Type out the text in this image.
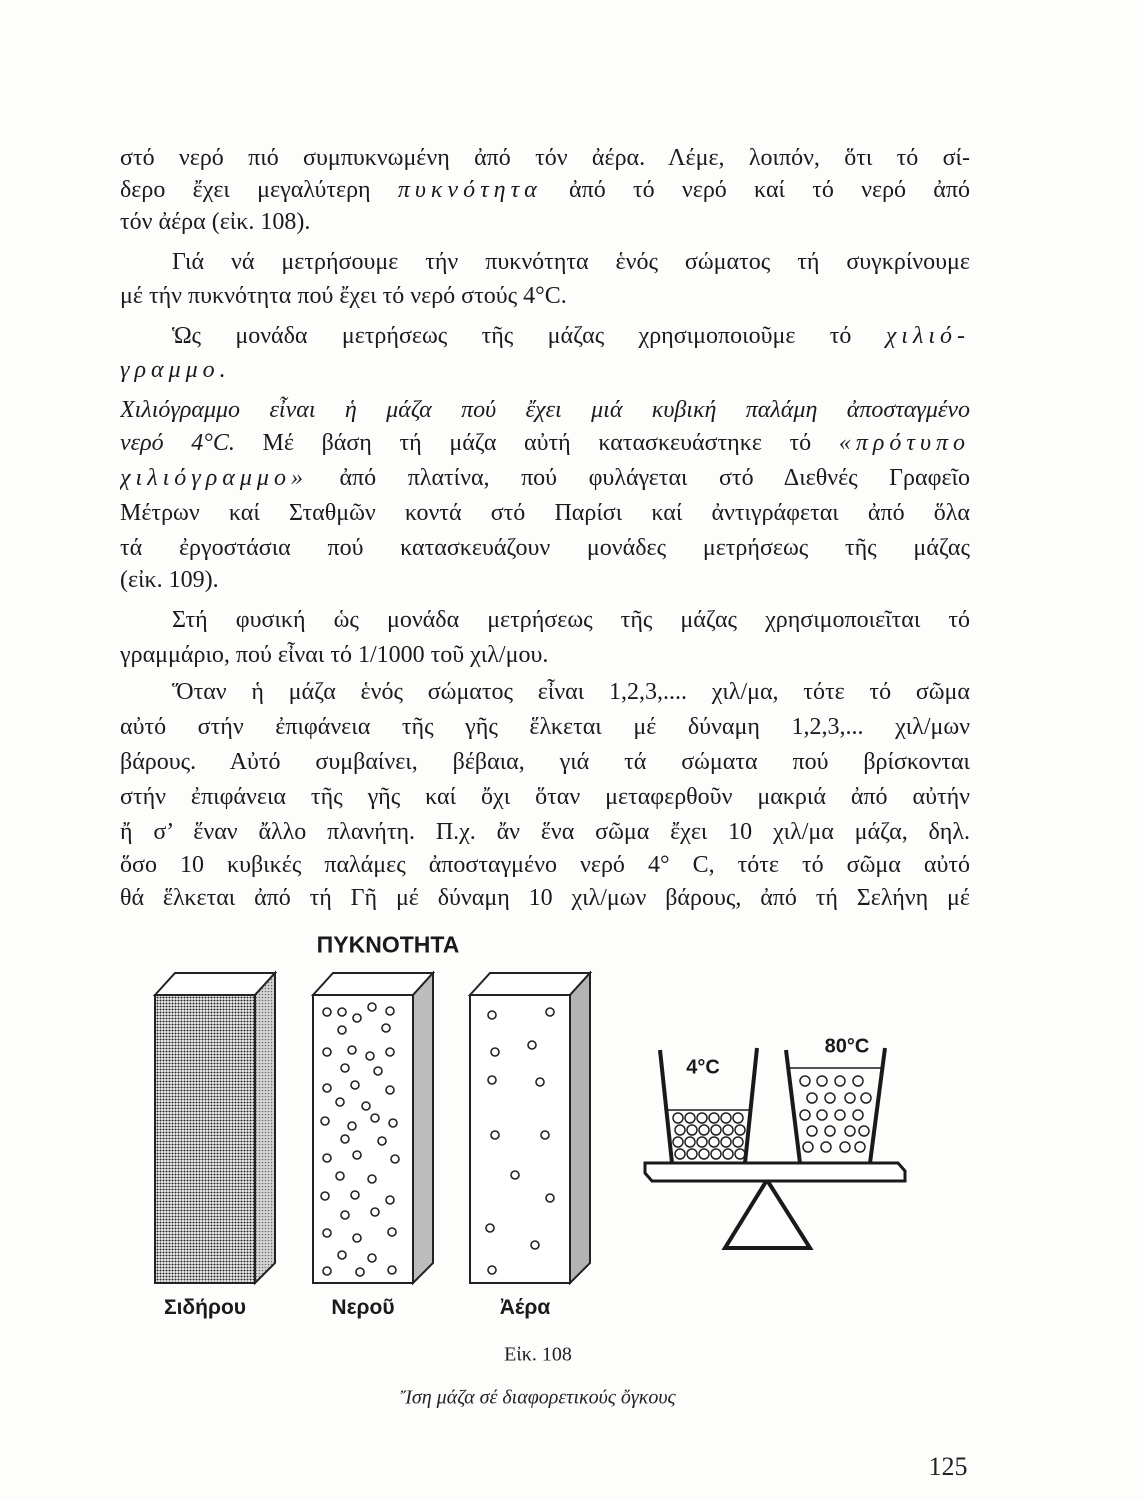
στό νερό πιό συμπυκνωμένη ἀπό τόν ἀέρα. Λέμε, λοιπόν, ὅτι τό σί-
δερο ἔχει μεγαλύτερη πυκνότητα ἀπό τό νερό καί τό νερό ἀπό
τόν ἀέρα (εἰκ. 108).
Γιά νά μετρήσουμε τήν πυκνότητα ἑνός σώματος τή συγκρίνουμε
μέ τήν πυκνότητα πού ἔχει τό νερό στούς 4°C.
Ὡς μονάδα μετρήσεως τῆς μάζας χρησιμοποιοῦμε τό χιλιό-
γραμμο.
Χιλιόγραμμο εἶναι ἡ μάζα πού ἔχει μιά κυβική παλάμη ἀποσταγμένο
νερό 4°C. Μέ βάση τή μάζα αὐτή κατασκευάστηκε τό «πρότυπο
χιλιόγραμμο» ἀπό πλατίνα, πού φυλάγεται στό Διεθνές Γραφεῖο
Μέτρων καί Σταθμῶν κοντά στό Παρίσι καί ἀντιγράφεται ἀπό ὅλα
τά ἐργοστάσια πού κατασκευάζουν μονάδες μετρήσεως τῆς μάζας
(εἰκ. 109).
Στή φυσική ὡς μονάδα μετρήσεως τῆς μάζας χρησιμοποιεῖται τό
γραμμάριο, πού εἶναι τό 1/1000 τοῦ χιλ/μου.
Ὅταν ἡ μάζα ἑνός σώματος εἶναι 1,2,3,.... χιλ/μα, τότε τό σῶμα
αὐτό στήν ἐπιφάνεια τῆς γῆς ἕλκεται μέ δύναμη 1,2,3,... χιλ/μων
βάρους. Αὐτό συμβαίνει, βέβαια, γιά τά σώματα πού βρίσκονται
στήν ἐπιφάνεια τῆς γῆς καί ὄχι ὅταν μεταφερθοῦν μακριά ἀπό αὐτήν
ἤ σ’ ἕναν ἄλλο πλανήτη. Π.χ. ἄν ἕνα σῶμα ἔχει 10 χιλ/μα μάζα, δηλ.
ὅσο 10 κυβικές παλάμες ἀποσταγμένο νερό 4° C, τότε τό σῶμα αὐτό
θά ἕλκεται ἀπό τή Γῆ μέ δύναμη 10 χιλ/μων βάρους, ἀπό τή Σελήνη μέ
ΠΥΚΝΟΤΗΤΑ
Σιδήρου	Νεροῦ	Ἀέρα
4°C
80°C
Εἰκ. 108
Ἴση μάζα σέ διαφορετικούς ὄγκους
125
